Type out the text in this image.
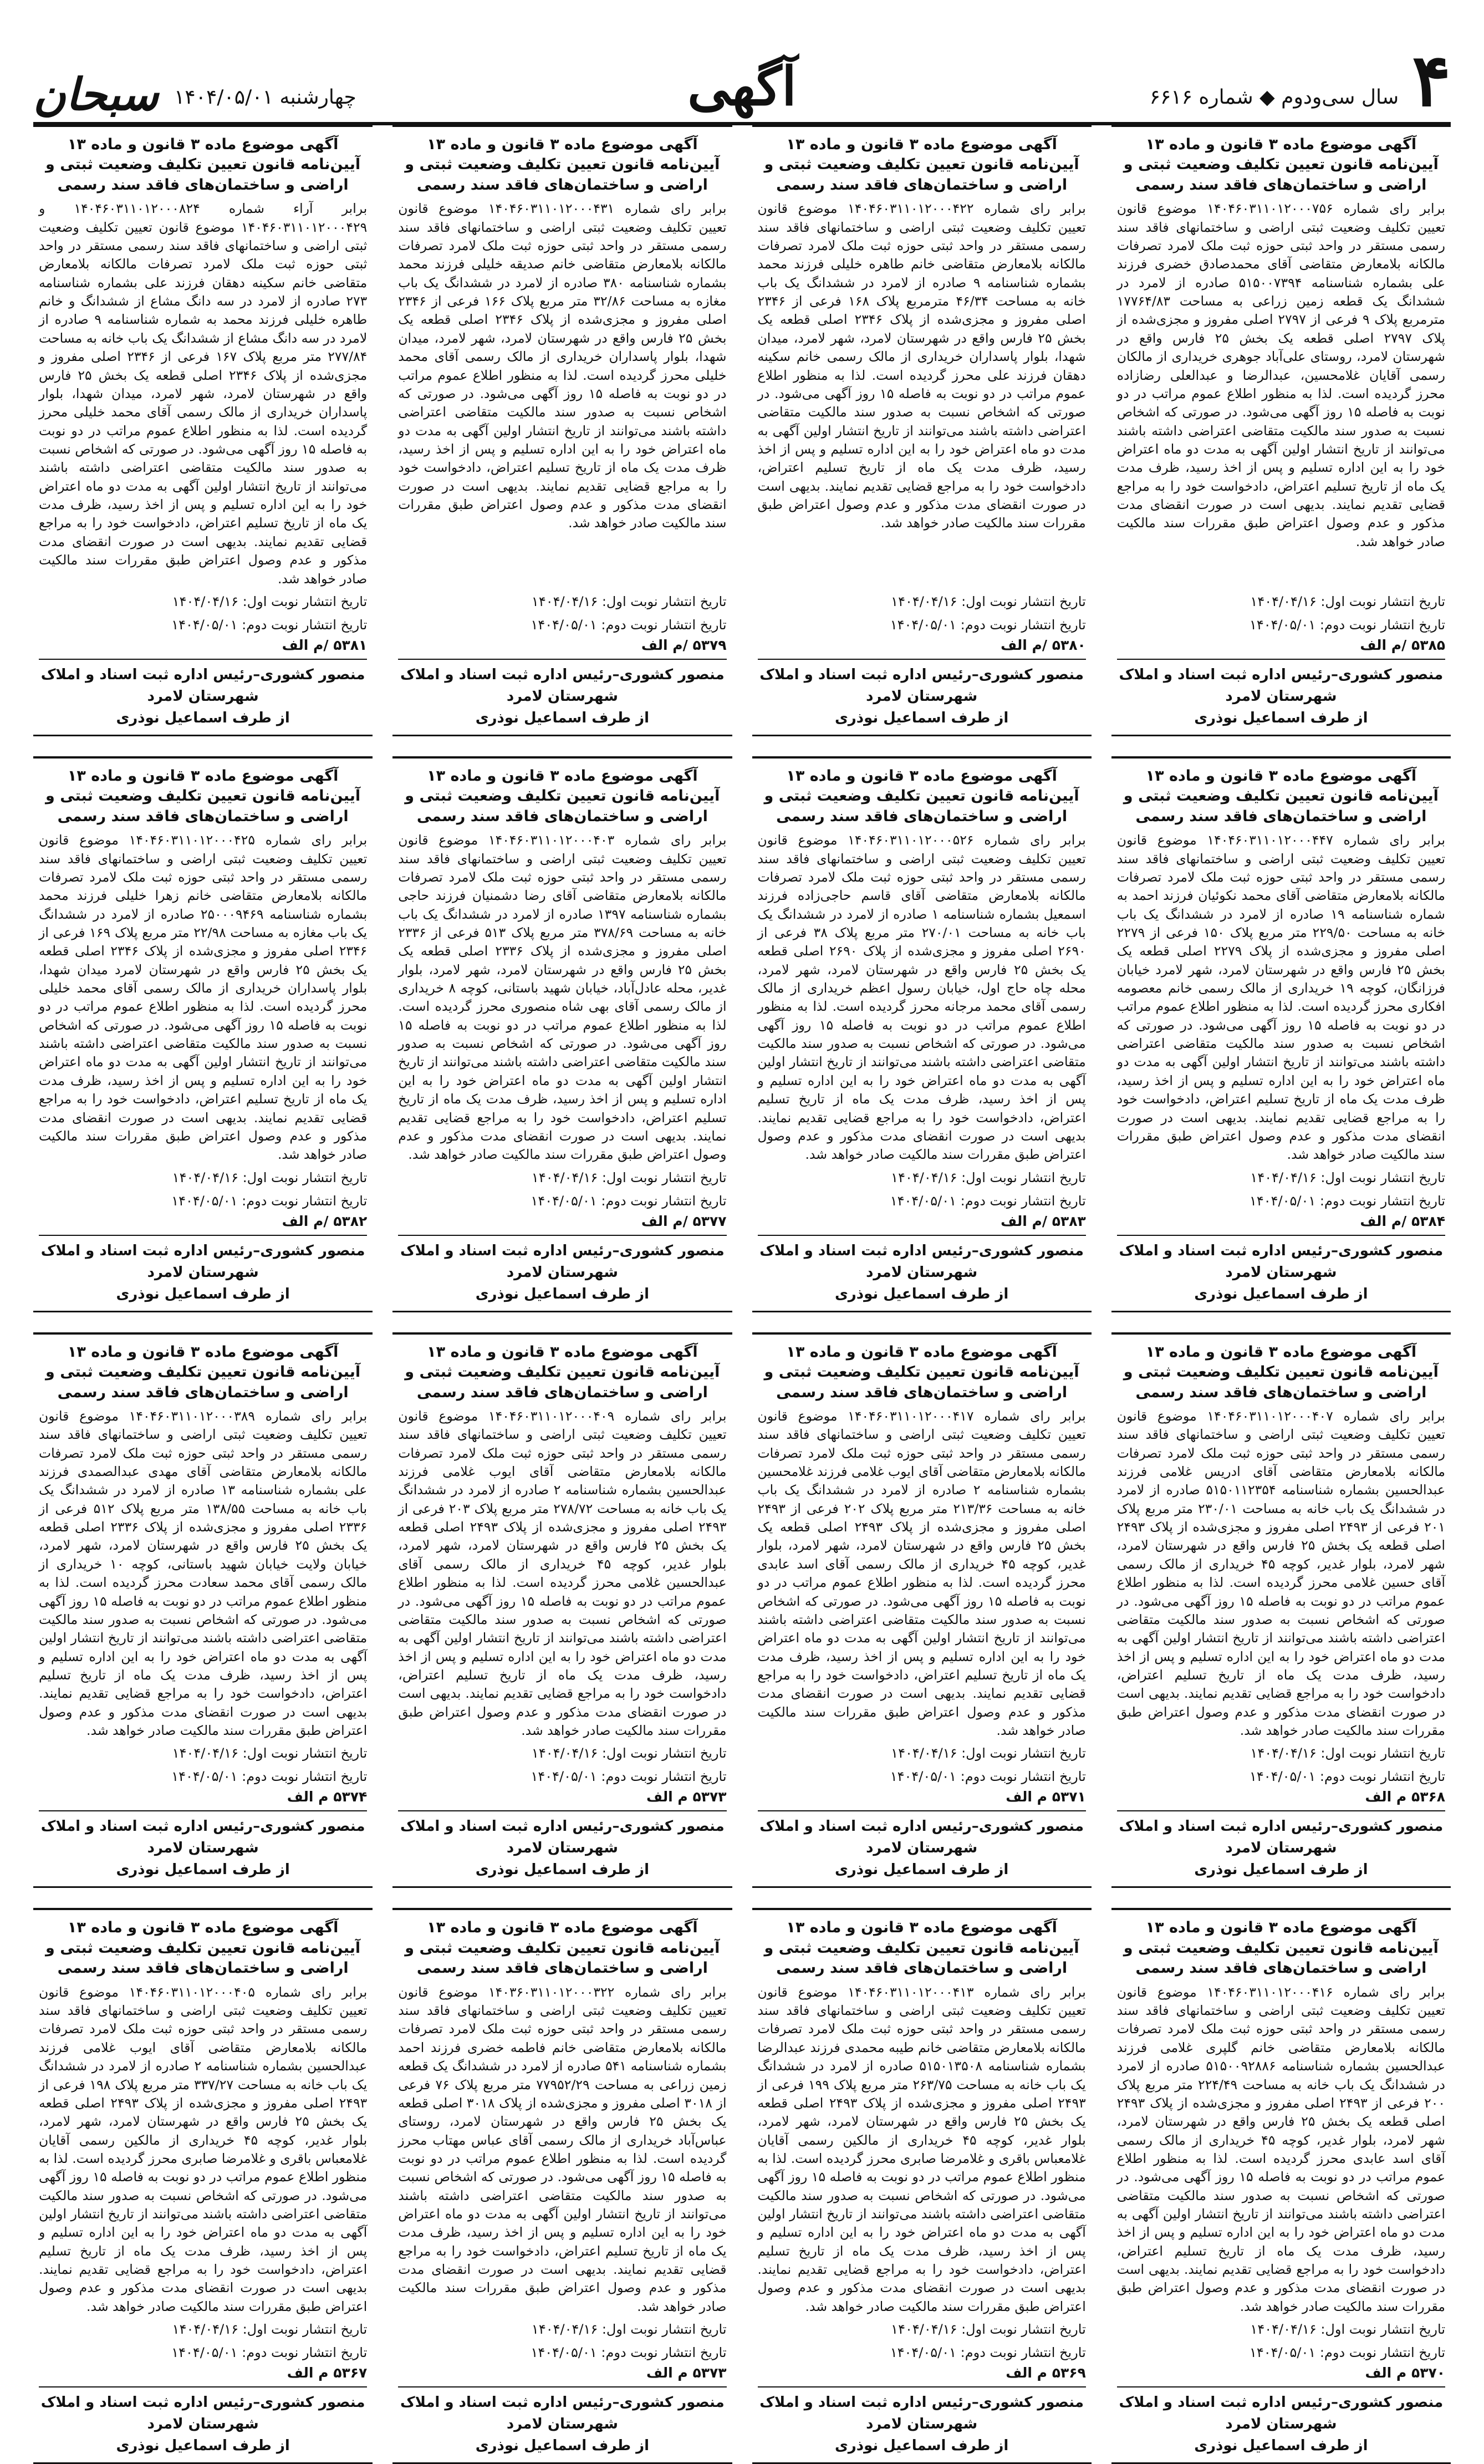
۴
سال سی‌ودوم ◆ شماره ۶۶۱۶
آگهی
چهارشنبه ۱۴۰۴/۰۵/۰۱
سبحان
آگهی موضوع ماده ۳ قانون و ماده ۱۳ آیین‌نامه قانون تعیین تکلیف وضعیت ثبتی و اراضی و ساختمان‌های فاقد سند رسمی
برابر رای شماره ۱۴۰۴۶۰۳۱۱۰۱۲۰۰۰۷۵۶ موضوع قانون تعیین تکلیف وضعیت ثبتی اراضی و ساختمانهای فاقد سند رسمی مستقر در واحد ثبتی حوزه ثبت ملک لامرد تصرفات مالکانه بلامعارض متقاضی آقای محمدصادق خضری فرزند علی بشماره شناسنامه ۵۱۵۰۰۷۳۹۴ صادره از لامرد در ششدانگ یک قطعه زمین زراعی به مساحت ۱۷۷۶۴/۸۳ مترمربع پلاک ۹ فرعی از ۲۷۹۷ اصلی مفروز و مجزی‌شده از پلاک ۲۷۹۷ اصلی قطعه یک بخش ۲۵ فارس واقع در شهرستان لامرد، روستای علی‌آباد جوهری خریداری از مالکان رسمی آقایان غلامحسین، عبدالرضا و عبدالعلی رضازاده محرز گردیده است. لذا به منظور اطلاع عموم مراتب در دو نوبت به فاصله ۱۵ روز آگهی می‌شود. در صورتی که اشخاص نسبت به صدور سند مالکیت متقاضی اعتراضی داشته باشند می‌توانند از تاریخ انتشار اولین آگهی به مدت دو ماه اعتراض خود را به این اداره تسلیم و پس از اخذ رسید، ظرف مدت یک ماه از تاریخ تسلیم اعتراض، دادخواست خود را به مراجع قضایی تقدیم نمایند. بدیهی است در صورت انقضای مدت مذکور و عدم وصول اعتراض طبق مقررات سند مالکیت صادر خواهد شد.
تاریخ انتشار نوبت اول: ۱۴۰۴/۰۴/۱۶
تاریخ انتشار نوبت دوم: ۱۴۰۴/۰۵/۰۱
۵۳۸۵ /م الف
منصور کشوری–رئیس اداره ثبت اسناد و املاک شهرستان لامرد
از طرف اسماعیل نوذری
آگهی موضوع ماده ۳ قانون و ماده ۱۳ آیین‌نامه قانون تعیین تکلیف وضعیت ثبتی و اراضی و ساختمان‌های فاقد سند رسمی
برابر رای شماره ۱۴۰۴۶۰۳۱۱۰۱۲۰۰۰۴۲۲ موضوع قانون تعیین تکلیف وضعیت ثبتی اراضی و ساختمانهای فاقد سند رسمی مستقر در واحد ثبتی حوزه ثبت ملک لامرد تصرفات مالکانه بلامعارض متقاضی خانم طاهره خلیلی فرزند محمد بشماره شناسنامه ۹ صادره از لامرد در ششدانگ یک باب خانه به مساحت ۴۶/۳۴ مترمربع پلاک ۱۶۸ فرعی از ۲۳۴۶ اصلی مفروز و مجزی‌شده از پلاک ۲۳۴۶ اصلی قطعه یک بخش ۲۵ فارس واقع در شهرستان لامرد، شهر لامرد، میدان شهدا، بلوار پاسداران خریداری از مالک رسمی خانم سکینه دهقان فرزند علی محرز گردیده است. لذا به منظور اطلاع عموم مراتب در دو نوبت به فاصله ۱۵ روز آگهی می‌شود. در صورتی که اشخاص نسبت به صدور سند مالکیت متقاضی اعتراضی داشته باشند می‌توانند از تاریخ انتشار اولین آگهی به مدت دو ماه اعتراض خود را به این اداره تسلیم و پس از اخذ رسید، ظرف مدت یک ماه از تاریخ تسلیم اعتراض، دادخواست خود را به مراجع قضایی تقدیم نمایند. بدیهی است در صورت انقضای مدت مذکور و عدم وصول اعتراض طبق مقررات سند مالکیت صادر خواهد شد.
تاریخ انتشار نوبت اول: ۱۴۰۴/۰۴/۱۶
تاریخ انتشار نوبت دوم: ۱۴۰۴/۰۵/۰۱
۵۳۸۰ /م الف
منصور کشوری–رئیس اداره ثبت اسناد و املاک شهرستان لامرد
از طرف اسماعیل نوذری
آگهی موضوع ماده ۳ قانون و ماده ۱۳ آیین‌نامه قانون تعیین تکلیف وضعیت ثبتی و اراضی و ساختمان‌های فاقد سند رسمی
برابر رای شماره ۱۴۰۴۶۰۳۱۱۰۱۲۰۰۰۴۳۱ موضوع قانون تعیین تکلیف وضعیت ثبتی اراضی و ساختمانهای فاقد سند رسمی مستقر در واحد ثبتی حوزه ثبت ملک لامرد تصرفات مالکانه بلامعارض متقاضی خانم صدیقه خلیلی فرزند محمد بشماره شناسنامه ۳۸۰ صادره از لامرد در ششدانگ یک باب مغازه به مساحت ۳۲/۸۶ متر مربع پلاک ۱۶۶ فرعی از ۲۳۴۶ اصلی مفروز و مجزی‌شده از پلاک ۲۳۴۶ اصلی قطعه یک بخش ۲۵ فارس واقع در شهرستان لامرد، شهر لامرد، میدان شهدا، بلوار پاسداران خریداری از مالک رسمی آقای محمد خلیلی محرز گردیده است. لذا به منظور اطلاع عموم مراتب در دو نوبت به فاصله ۱۵ روز آگهی می‌شود. در صورتی که اشخاص نسبت به صدور سند مالکیت متقاضی اعتراضی داشته باشند می‌توانند از تاریخ انتشار اولین آگهی به مدت دو ماه اعتراض خود را به این اداره تسلیم و پس از اخذ رسید، ظرف مدت یک ماه از تاریخ تسلیم اعتراض، دادخواست خود را به مراجع قضایی تقدیم نمایند. بدیهی است در صورت انقضای مدت مذکور و عدم وصول اعتراض طبق مقررات سند مالکیت صادر خواهد شد.
تاریخ انتشار نوبت اول: ۱۴۰۴/۰۴/۱۶
تاریخ انتشار نوبت دوم: ۱۴۰۴/۰۵/۰۱
۵۳۷۹ /م الف
منصور کشوری–رئیس اداره ثبت اسناد و املاک شهرستان لامرد
از طرف اسماعیل نوذری
آگهی موضوع ماده ۳ قانون و ماده ۱۳ آیین‌نامه قانون تعیین تکلیف وضعیت ثبتی و اراضی و ساختمان‌های فاقد سند رسمی
برابر آراء شماره ۱۴۰۴۶۰۳۱۱۰۱۲۰۰۰۸۲۴ و ۱۴۰۴۶۰۳۱۱۰۱۲۰۰۰۴۲۹ موضوع قانون تعیین تکلیف وضعیت ثبتی اراضی و ساختمانهای فاقد سند رسمی مستقر در واحد ثبتی حوزه ثبت ملک لامرد تصرفات مالکانه بلامعارض متقاضی خانم سکینه دهقان فرزند علی بشماره شناسنامه ۲۷۳ صادره از لامرد در سه دانگ مشاع از ششدانگ و خانم طاهره خلیلی فرزند محمد به شماره شناسنامه ۹ صادره از لامرد در سه دانگ مشاع از ششدانگ یک باب خانه به مساحت ۲۷۷/۸۴ متر مربع پلاک ۱۶۷ فرعی از ۲۳۴۶ اصلی مفروز و مجزی‌شده از پلاک ۲۳۴۶ اصلی قطعه یک بخش ۲۵ فارس واقع در شهرستان لامرد، شهر لامرد، میدان شهدا، بلوار پاسداران خریداری از مالک رسمی آقای محمد خلیلی محرز گردیده است. لذا به منظور اطلاع عموم مراتب در دو نوبت به فاصله ۱۵ روز آگهی می‌شود. در صورتی که اشخاص نسبت به صدور سند مالکیت متقاضی اعتراضی داشته باشند می‌توانند از تاریخ انتشار اولین آگهی به مدت دو ماه اعتراض خود را به این اداره تسلیم و پس از اخذ رسید، ظرف مدت یک ماه از تاریخ تسلیم اعتراض، دادخواست خود را به مراجع قضایی تقدیم نمایند. بدیهی است در صورت انقضای مدت مذکور و عدم وصول اعتراض طبق مقررات سند مالکیت صادر خواهد شد.
تاریخ انتشار نوبت اول: ۱۴۰۴/۰۴/۱۶
تاریخ انتشار نوبت دوم: ۱۴۰۴/۰۵/۰۱
۵۳۸۱ /م الف
منصور کشوری–رئیس اداره ثبت اسناد و املاک شهرستان لامرد
از طرف اسماعیل نوذری
آگهی موضوع ماده ۳ قانون و ماده ۱۳ آیین‌نامه قانون تعیین تکلیف وضعیت ثبتی و اراضی و ساختمان‌های فاقد سند رسمی
برابر رای شماره ۱۴۰۴۶۰۳۱۱۰۱۲۰۰۰۴۴۷ موضوع قانون تعیین تکلیف وضعیت ثبتی اراضی و ساختمانهای فاقد سند رسمی مستقر در واحد ثبتی حوزه ثبت ملک لامرد تصرفات مالکانه بلامعارض متقاضی آقای محمد نکوئیان فرزند احمد به شماره شناسنامه ۱۹ صادره از لامرد در ششدانگ یک باب خانه به مساحت ۲۲۹/۵۰ متر مربع پلاک ۱۵۰ فرعی از ۲۲۷۹ اصلی مفروز و مجزی‌شده از پلاک ۲۲۷۹ اصلی قطعه یک بخش ۲۵ فارس واقع در شهرستان لامرد، شهر لامرد خیابان فرزانگان، کوچه ۱۹ خریداری از مالک رسمی خانم معصومه افکاری محرز گردیده است. لذا به منظور اطلاع عموم مراتب در دو نوبت به فاصله ۱۵ روز آگهی می‌شود. در صورتی که اشخاص نسبت به صدور سند مالکیت متقاضی اعتراضی داشته باشند می‌توانند از تاریخ انتشار اولین آگهی به مدت دو ماه اعتراض خود را به این اداره تسلیم و پس از اخذ رسید، ظرف مدت یک ماه از تاریخ تسلیم اعتراض، دادخواست خود را به مراجع قضایی تقدیم نمایند. بدیهی است در صورت انقضای مدت مذکور و عدم وصول اعتراض طبق مقررات سند مالکیت صادر خواهد شد.
تاریخ انتشار نوبت اول: ۱۴۰۴/۰۴/۱۶
تاریخ انتشار نوبت دوم: ۱۴۰۴/۰۵/۰۱
۵۳۸۴ /م الف
منصور کشوری–رئیس اداره ثبت اسناد و املاک شهرستان لامرد
از طرف اسماعیل نوذری
آگهی موضوع ماده ۳ قانون و ماده ۱۳ آیین‌نامه قانون تعیین تکلیف وضعیت ثبتی و اراضی و ساختمان‌های فاقد سند رسمی
برابر رای شماره ۱۴۰۴۶۰۳۱۱۰۱۲۰۰۰۵۲۶ موضوع قانون تعیین تکلیف وضعیت ثبتی اراضی و ساختمانهای فاقد سند رسمی مستقر در واحد ثبتی حوزه ثبت ملک لامرد تصرفات مالکانه بلامعارض متقاضی آقای قاسم حاجی‌زاده فرزند اسمعیل بشماره شناسنامه ۱ صادره از لامرد در ششدانگ یک باب خانه به مساحت ۲۷۰/۰۱ متر مربع پلاک ۳۸ فرعی از ۲۶۹۰ اصلی مفروز و مجزی‌شده از پلاک ۲۶۹۰ اصلی قطعه یک بخش ۲۵ فارس واقع در شهرستان لامرد، شهر لامرد، محله چاه حاج اول، خیابان رسول اعظم خریداری از مالک رسمی آقای محمد مرجانه محرز گردیده است. لذا به منظور اطلاع عموم مراتب در دو نوبت به فاصله ۱۵ روز آگهی می‌شود. در صورتی که اشخاص نسبت به صدور سند مالکیت متقاضی اعتراضی داشته باشند می‌توانند از تاریخ انتشار اولین آگهی به مدت دو ماه اعتراض خود را به این اداره تسلیم و پس از اخذ رسید، ظرف مدت یک ماه از تاریخ تسلیم اعتراض، دادخواست خود را به مراجع قضایی تقدیم نمایند. بدیهی است در صورت انقضای مدت مذکور و عدم وصول اعتراض طبق مقررات سند مالکیت صادر خواهد شد.
تاریخ انتشار نوبت اول: ۱۴۰۴/۰۴/۱۶
تاریخ انتشار نوبت دوم: ۱۴۰۴/۰۵/۰۱
۵۳۸۳ /م الف
منصور کشوری–رئیس اداره ثبت اسناد و املاک شهرستان لامرد
از طرف اسماعیل نوذری
آگهی موضوع ماده ۳ قانون و ماده ۱۳ آیین‌نامه قانون تعیین تکلیف وضعیت ثبتی و اراضی و ساختمان‌های فاقد سند رسمی
برابر رای شماره ۱۴۰۴۶۰۳۱۱۰۱۲۰۰۰۴۰۳ موضوع قانون تعیین تکلیف وضعیت ثبتی اراضی و ساختمانهای فاقد سند رسمی مستقر در واحد ثبتی حوزه ثبت ملک لامرد تصرفات مالکانه بلامعارض متقاضی آقای رضا دشمنیان فرزند حاجی بشماره شناسنامه ۱۳۹۷ صادره از لامرد در ششدانگ یک باب خانه به مساحت ۳۷۸/۶۹ متر مربع پلاک ۵۱۳ فرعی از ۲۳۳۶ اصلی مفروز و مجزی‌شده از پلاک ۲۳۳۶ اصلی قطعه یک بخش ۲۵ فارس واقع در شهرستان لامرد، شهر لامرد، بلوار غدیر، محله عادل‌آباد، خیابان شهید باستانی، کوچه ۸ خریداری از مالک رسمی آقای بهی شاه منصوری محرز گردیده است. لذا به منظور اطلاع عموم مراتب در دو نوبت به فاصله ۱۵ روز آگهی می‌شود. در صورتی که اشخاص نسبت به صدور سند مالکیت متقاضی اعتراضی داشته باشند می‌توانند از تاریخ انتشار اولین آگهی به مدت دو ماه اعتراض خود را به این اداره تسلیم و پس از اخذ رسید، ظرف مدت یک ماه از تاریخ تسلیم اعتراض، دادخواست خود را به مراجع قضایی تقدیم نمایند. بدیهی است در صورت انقضای مدت مذکور و عدم وصول اعتراض طبق مقررات سند مالکیت صادر خواهد شد.
تاریخ انتشار نوبت اول: ۱۴۰۴/۰۴/۱۶
تاریخ انتشار نوبت دوم: ۱۴۰۴/۰۵/۰۱
۵۳۷۷ /م الف
منصور کشوری–رئیس اداره ثبت اسناد و املاک شهرستان لامرد
از طرف اسماعیل نوذری
آگهی موضوع ماده ۳ قانون و ماده ۱۳ آیین‌نامه قانون تعیین تکلیف وضعیت ثبتی و اراضی و ساختمان‌های فاقد سند رسمی
برابر رای شماره ۱۴۰۴۶۰۳۱۱۰۱۲۰۰۰۴۲۵ موضوع قانون تعیین تکلیف وضعیت ثبتی اراضی و ساختمانهای فاقد سند رسمی مستقر در واحد ثبتی حوزه ثبت ملک لامرد تصرفات مالکانه بلامعارض متقاضی خانم زهرا خلیلی فرزند محمد بشماره شناسنامه ۲۵۰۰۰۹۴۶۹ صادره از لامرد در ششدانگ یک باب مغازه به مساحت ۲۲/۹۸ متر مربع پلاک ۱۶۹ فرعی از ۲۳۴۶ اصلی مفروز و مجزی‌شده از پلاک ۲۳۴۶ اصلی قطعه یک بخش ۲۵ فارس واقع در شهرستان لامرد میدان شهدا، بلوار پاسداران خریداری از مالک رسمی آقای محمد خلیلی محرز گردیده است. لذا به منظور اطلاع عموم مراتب در دو نوبت به فاصله ۱۵ روز آگهی می‌شود. در صورتی که اشخاص نسبت به صدور سند مالکیت متقاضی اعتراضی داشته باشند می‌توانند از تاریخ انتشار اولین آگهی به مدت دو ماه اعتراض خود را به این اداره تسلیم و پس از اخذ رسید، ظرف مدت یک ماه از تاریخ تسلیم اعتراض، دادخواست خود را به مراجع قضایی تقدیم نمایند. بدیهی است در صورت انقضای مدت مذکور و عدم وصول اعتراض طبق مقررات سند مالکیت صادر خواهد شد.
تاریخ انتشار نوبت اول: ۱۴۰۴/۰۴/۱۶
تاریخ انتشار نوبت دوم: ۱۴۰۴/۰۵/۰۱
۵۳۸۲ /م الف
منصور کشوری–رئیس اداره ثبت اسناد و املاک شهرستان لامرد
از طرف اسماعیل نوذری
آگهی موضوع ماده ۳ قانون و ماده ۱۳ آیین‌نامه قانون تعیین تکلیف وضعیت ثبتی و اراضی و ساختمان‌های فاقد سند رسمی
برابر رای شماره ۱۴۰۴۶۰۳۱۱۰۱۲۰۰۰۴۰۷ موضوع قانون تعیین تکلیف وضعیت ثبتی اراضی و ساختمانهای فاقد سند رسمی مستقر در واحد ثبتی حوزه ثبت ملک لامرد تصرفات مالکانه بلامعارض متقاضی آقای ادریس غلامی فرزند عبدالحسین بشماره شناسنامه ۵۱۵۰۱۱۲۳۵۴ صادره از لامرد در ششدانگ یک باب خانه به مساحت ۲۳۰/۰۱ متر مربع پلاک ۲۰۱ فرعی از ۲۴۹۳ اصلی مفروز و مجزی‌شده از پلاک ۲۴۹۳ اصلی قطعه یک بخش ۲۵ فارس واقع در شهرستان لامرد، شهر لامرد، بلوار غدیر، کوچه ۴۵ خریداری از مالک رسمی آقای حسین غلامی محرز گردیده است. لذا به منظور اطلاع عموم مراتب در دو نوبت به فاصله ۱۵ روز آگهی می‌شود. در صورتی که اشخاص نسبت به صدور سند مالکیت متقاضی اعتراضی داشته باشند می‌توانند از تاریخ انتشار اولین آگهی به مدت دو ماه اعتراض خود را به این اداره تسلیم و پس از اخذ رسید، ظرف مدت یک ماه از تاریخ تسلیم اعتراض، دادخواست خود را به مراجع قضایی تقدیم نمایند. بدیهی است در صورت انقضای مدت مذکور و عدم وصول اعتراض طبق مقررات سند مالکیت صادر خواهد شد.
تاریخ انتشار نوبت اول: ۱۴۰۴/۰۴/۱۶
تاریخ انتشار نوبت دوم: ۱۴۰۴/۰۵/۰۱
۵۳۶۸ م الف
منصور کشوری–رئیس اداره ثبت اسناد و املاک شهرستان لامرد
از طرف اسماعیل نوذری
آگهی موضوع ماده ۳ قانون و ماده ۱۳ آیین‌نامه قانون تعیین تکلیف وضعیت ثبتی و اراضی و ساختمان‌های فاقد سند رسمی
برابر رای شماره ۱۴۰۴۶۰۳۱۱۰۱۲۰۰۰۴۱۷ موضوع قانون تعیین تکلیف وضعیت ثبتی اراضی و ساختمانهای فاقد سند رسمی مستقر در واحد ثبتی حوزه ثبت ملک لامرد تصرفات مالکانه بلامعارض متقاضی آقای ایوب غلامی فرزند غلامحسین بشماره شناسنامه ۲ صادره از لامرد در ششدانگ یک باب خانه به مساحت ۲۱۳/۳۶ متر مربع پلاک ۲۰۲ فرعی از ۲۴۹۳ اصلی مفروز و مجزی‌شده از پلاک ۲۴۹۳ اصلی قطعه یک بخش ۲۵ فارس واقع در شهرستان لامرد، شهر لامرد، بلوار غدیر، کوچه ۴۵ خریداری از مالک رسمی آقای اسد عابدی محرز گردیده است. لذا به منظور اطلاع عموم مراتب در دو نوبت به فاصله ۱۵ روز آگهی می‌شود. در صورتی که اشخاص نسبت به صدور سند مالکیت متقاضی اعتراضی داشته باشند می‌توانند از تاریخ انتشار اولین آگهی به مدت دو ماه اعتراض خود را به این اداره تسلیم و پس از اخذ رسید، ظرف مدت یک ماه از تاریخ تسلیم اعتراض، دادخواست خود را به مراجع قضایی تقدیم نمایند. بدیهی است در صورت انقضای مدت مذکور و عدم وصول اعتراض طبق مقررات سند مالکیت صادر خواهد شد.
تاریخ انتشار نوبت اول: ۱۴۰۴/۰۴/۱۶
تاریخ انتشار نوبت دوم: ۱۴۰۴/۰۵/۰۱
۵۳۷۱ م الف
منصور کشوری–رئیس اداره ثبت اسناد و املاک شهرستان لامرد
از طرف اسماعیل نوذری
آگهی موضوع ماده ۳ قانون و ماده ۱۳ آیین‌نامه قانون تعیین تکلیف وضعیت ثبتی و اراضی و ساختمان‌های فاقد سند رسمی
برابر رای شماره ۱۴۰۴۶۰۳۱۱۰۱۲۰۰۰۴۰۹ موضوع قانون تعیین تکلیف وضعیت ثبتی اراضی و ساختمانهای فاقد سند رسمی مستقر در واحد ثبتی حوزه ثبت ملک لامرد تصرفات مالکانه بلامعارض متقاضی آقای ایوب غلامی فرزند عبدالحسین بشماره شناسنامه ۲ صادره از لامرد در ششدانگ یک باب خانه به مساحت ۲۷۸/۷۲ متر مربع پلاک ۲۰۳ فرعی از ۲۴۹۳ اصلی مفروز و مجزی‌شده از پلاک ۲۴۹۳ اصلی قطعه یک بخش ۲۵ فارس واقع در شهرستان لامرد، شهر لامرد، بلوار غدیر، کوچه ۴۵ خریداری از مالک رسمی آقای عبدالحسین غلامی محرز گردیده است. لذا به منظور اطلاع عموم مراتب در دو نوبت به فاصله ۱۵ روز آگهی می‌شود. در صورتی که اشخاص نسبت به صدور سند مالکیت متقاضی اعتراضی داشته باشند می‌توانند از تاریخ انتشار اولین آگهی به مدت دو ماه اعتراض خود را به این اداره تسلیم و پس از اخذ رسید، ظرف مدت یک ماه از تاریخ تسلیم اعتراض، دادخواست خود را به مراجع قضایی تقدیم نمایند. بدیهی است در صورت انقضای مدت مذکور و عدم وصول اعتراض طبق مقررات سند مالکیت صادر خواهد شد.
تاریخ انتشار نوبت اول: ۱۴۰۴/۰۴/۱۶
تاریخ انتشار نوبت دوم: ۱۴۰۴/۰۵/۰۱
۵۳۷۳ م الف
منصور کشوری–رئیس اداره ثبت اسناد و املاک شهرستان لامرد
از طرف اسماعیل نوذری
آگهی موضوع ماده ۳ قانون و ماده ۱۳ آیین‌نامه قانون تعیین تکلیف وضعیت ثبتی و اراضی و ساختمان‌های فاقد سند رسمی
برابر رای شماره ۱۴۰۴۶۰۳۱۱۰۱۲۰۰۰۳۸۹ موضوع قانون تعیین تکلیف وضعیت ثبتی اراضی و ساختمانهای فاقد سند رسمی مستقر در واحد ثبتی حوزه ثبت ملک لامرد تصرفات مالکانه بلامعارض متقاضی آقای مهدی عبدالصمدی فرزند علی بشماره شناسنامه ۱۳ صادره از لامرد در ششدانگ یک باب خانه به مساحت ۱۳۸/۵۵ متر مربع پلاک ۵۱۲ فرعی از ۲۳۳۶ اصلی مفروز و مجزی‌شده از پلاک ۲۳۳۶ اصلی قطعه یک بخش ۲۵ فارس واقع در شهرستان لامرد، شهر لامرد، خیابان ولایت خیابان شهید باستانی، کوچه ۱۰ خریداری از مالک رسمی آقای محمد سعادت محرز گردیده است. لذا به منظور اطلاع عموم مراتب در دو نوبت به فاصله ۱۵ روز آگهی می‌شود. در صورتی که اشخاص نسبت به صدور سند مالکیت متقاضی اعتراضی داشته باشند می‌توانند از تاریخ انتشار اولین آگهی به مدت دو ماه اعتراض خود را به این اداره تسلیم و پس از اخذ رسید، ظرف مدت یک ماه از تاریخ تسلیم اعتراض، دادخواست خود را به مراجع قضایی تقدیم نمایند. بدیهی است در صورت انقضای مدت مذکور و عدم وصول اعتراض طبق مقررات سند مالکیت صادر خواهد شد.
تاریخ انتشار نوبت اول: ۱۴۰۴/۰۴/۱۶
تاریخ انتشار نوبت دوم: ۱۴۰۴/۰۵/۰۱
۵۳۷۴ م الف
منصور کشوری–رئیس اداره ثبت اسناد و املاک شهرستان لامرد
از طرف اسماعیل نوذری
آگهی موضوع ماده ۳ قانون و ماده ۱۳ آیین‌نامه قانون تعیین تکلیف وضعیت ثبتی و اراضی و ساختمان‌های فاقد سند رسمی
برابر رای شماره ۱۴۰۴۶۰۳۱۱۰۱۲۰۰۰۴۱۶ موضوع قانون تعیین تکلیف وضعیت ثبتی اراضی و ساختمانهای فاقد سند رسمی مستقر در واحد ثبتی حوزه ثبت ملک لامرد تصرفات مالکانه بلامعارض متقاضی خانم گلپری غلامی فرزند عبدالحسین بشماره شناسنامه ۵۱۵۰۰۹۲۸۸۶ صادره از لامرد در ششدانگ یک باب خانه به مساحت ۲۲۴/۴۹ متر مربع پلاک ۲۰۰ فرعی از ۲۴۹۳ اصلی مفروز و مجزی‌شده از پلاک ۲۴۹۳ اصلی قطعه یک بخش ۲۵ فارس واقع در شهرستان لامرد، شهر لامرد، بلوار غدیر، کوچه ۴۵ خریداری از مالک رسمی آقای اسد عابدی محرز گردیده است. لذا به منظور اطلاع عموم مراتب در دو نوبت به فاصله ۱۵ روز آگهی می‌شود. در صورتی که اشخاص نسبت به صدور سند مالکیت متقاضی اعتراضی داشته باشند می‌توانند از تاریخ انتشار اولین آگهی به مدت دو ماه اعتراض خود را به این اداره تسلیم و پس از اخذ رسید، ظرف مدت یک ماه از تاریخ تسلیم اعتراض، دادخواست خود را به مراجع قضایی تقدیم نمایند. بدیهی است در صورت انقضای مدت مذکور و عدم وصول اعتراض طبق مقررات سند مالکیت صادر خواهد شد.
تاریخ انتشار نوبت اول: ۱۴۰۴/۰۴/۱۶
تاریخ انتشار نوبت دوم: ۱۴۰۴/۰۵/۰۱
۵۳۷۰ م الف
منصور کشوری–رئیس اداره ثبت اسناد و املاک شهرستان لامرد
از طرف اسماعیل نوذری
آگهی موضوع ماده ۳ قانون و ماده ۱۳ آیین‌نامه قانون تعیین تکلیف وضعیت ثبتی و اراضی و ساختمان‌های فاقد سند رسمی
برابر رای شماره ۱۴۰۴۶۰۳۱۱۰۱۲۰۰۰۴۱۳ موضوع قانون تعیین تکلیف وضعیت ثبتی اراضی و ساختمانهای فاقد سند رسمی مستقر در واحد ثبتی حوزه ثبت ملک لامرد تصرفات مالکانه بلامعارض متقاضی خانم طیبه محمدی فرزند عبدالرضا بشماره شناسنامه ۵۱۵۰۱۳۵۰۸ صادره از لامرد در ششدانگ یک باب خانه به مساحت ۲۶۳/۷۵ متر مربع پلاک ۱۹۹ فرعی از ۲۴۹۳ اصلی مفروز و مجزی‌شده از پلاک ۲۴۹۳ اصلی قطعه یک بخش ۲۵ فارس واقع در شهرستان لامرد، شهر لامرد، بلوار غدیر، کوچه ۴۵ خریداری از مالکین رسمی آقایان غلامعباس باقری و غلامرضا صابری محرز گردیده است. لذا به منظور اطلاع عموم مراتب در دو نوبت به فاصله ۱۵ روز آگهی می‌شود. در صورتی که اشخاص نسبت به صدور سند مالکیت متقاضی اعتراضی داشته باشند می‌توانند از تاریخ انتشار اولین آگهی به مدت دو ماه اعتراض خود را به این اداره تسلیم و پس از اخذ رسید، ظرف مدت یک ماه از تاریخ تسلیم اعتراض، دادخواست خود را به مراجع قضایی تقدیم نمایند. بدیهی است در صورت انقضای مدت مذکور و عدم وصول اعتراض طبق مقررات سند مالکیت صادر خواهد شد.
تاریخ انتشار نوبت اول: ۱۴۰۴/۰۴/۱۶
تاریخ انتشار نوبت دوم: ۱۴۰۴/۰۵/۰۱
۵۳۶۹ م الف
منصور کشوری–رئیس اداره ثبت اسناد و املاک شهرستان لامرد
از طرف اسماعیل نوذری
آگهی موضوع ماده ۳ قانون و ماده ۱۳ آیین‌نامه قانون تعیین تکلیف وضعیت ثبتی و اراضی و ساختمان‌های فاقد سند رسمی
برابر رای شماره ۱۴۰۳۶۰۳۱۱۰۱۲۰۰۰۳۲۲ موضوع قانون تعیین تکلیف وضعیت ثبتی اراضی و ساختمانهای فاقد سند رسمی مستقر در واحد ثبتی حوزه ثبت ملک لامرد تصرفات مالکانه بلامعارض متقاضی خانم فاطمه خضری فرزند احمد بشماره شناسنامه ۵۴۱ صادره از لامرد در ششدانگ یک قطعه زمین زراعی به مساحت ۷۷۹۵۲/۲۹ متر مربع پلاک ۷۶ فرعی از ۳۰۱۸ اصلی مفروز و مجزی‌شده از پلاک ۳۰۱۸ اصلی قطعه یک بخش ۲۵ فارس واقع در شهرستان لامرد، روستای عباس‌آباد خریداری از مالک رسمی آقای عباس مهتاب محرز گردیده است. لذا به منظور اطلاع عموم مراتب در دو نوبت به فاصله ۱۵ روز آگهی می‌شود. در صورتی که اشخاص نسبت به صدور سند مالکیت متقاضی اعتراضی داشته باشند می‌توانند از تاریخ انتشار اولین آگهی به مدت دو ماه اعتراض خود را به این اداره تسلیم و پس از اخذ رسید، ظرف مدت یک ماه از تاریخ تسلیم اعتراض، دادخواست خود را به مراجع قضایی تقدیم نمایند. بدیهی است در صورت انقضای مدت مذکور و عدم وصول اعتراض طبق مقررات سند مالکیت صادر خواهد شد.
تاریخ انتشار نوبت اول: ۱۴۰۴/۰۴/۱۶
تاریخ انتشار نوبت دوم: ۱۴۰۴/۰۵/۰۱
۵۳۷۳ م الف
منصور کشوری–رئیس اداره ثبت اسناد و املاک شهرستان لامرد
از طرف اسماعیل نوذری
آگهی موضوع ماده ۳ قانون و ماده ۱۳ آیین‌نامه قانون تعیین تکلیف وضعیت ثبتی و اراضی و ساختمان‌های فاقد سند رسمی
برابر رای شماره ۱۴۰۴۶۰۳۱۱۰۱۲۰۰۰۴۰۵ موضوع قانون تعیین تکلیف وضعیت ثبتی اراضی و ساختمانهای فاقد سند رسمی مستقر در واحد ثبتی حوزه ثبت ملک لامرد تصرفات مالکانه بلامعارض متقاضی آقای ایوب غلامی فرزند عبدالحسین بشماره شناسنامه ۲ صادره از لامرد در ششدانگ یک باب خانه به مساحت ۳۳۷/۲۷ متر مربع پلاک ۱۹۸ فرعی از ۲۴۹۳ اصلی مفروز و مجزی‌شده از پلاک ۲۴۹۳ اصلی قطعه یک بخش ۲۵ فارس واقع در شهرستان لامرد، شهر لامرد، بلوار غدیر، کوچه ۴۵ خریداری از مالکین رسمی آقایان غلامعباس باقری و غلامرضا صابری محرز گردیده است. لذا به منظور اطلاع عموم مراتب در دو نوبت به فاصله ۱۵ روز آگهی می‌شود. در صورتی که اشخاص نسبت به صدور سند مالکیت متقاضی اعتراضی داشته باشند می‌توانند از تاریخ انتشار اولین آگهی به مدت دو ماه اعتراض خود را به این اداره تسلیم و پس از اخذ رسید، ظرف مدت یک ماه از تاریخ تسلیم اعتراض، دادخواست خود را به مراجع قضایی تقدیم نمایند. بدیهی است در صورت انقضای مدت مذکور و عدم وصول اعتراض طبق مقررات سند مالکیت صادر خواهد شد.
تاریخ انتشار نوبت اول: ۱۴۰۴/۰۴/۱۶
تاریخ انتشار نوبت دوم: ۱۴۰۴/۰۵/۰۱
۵۳۶۷ م الف
منصور کشوری–رئیس اداره ثبت اسناد و املاک شهرستان لامرد
از طرف اسماعیل نوذری
